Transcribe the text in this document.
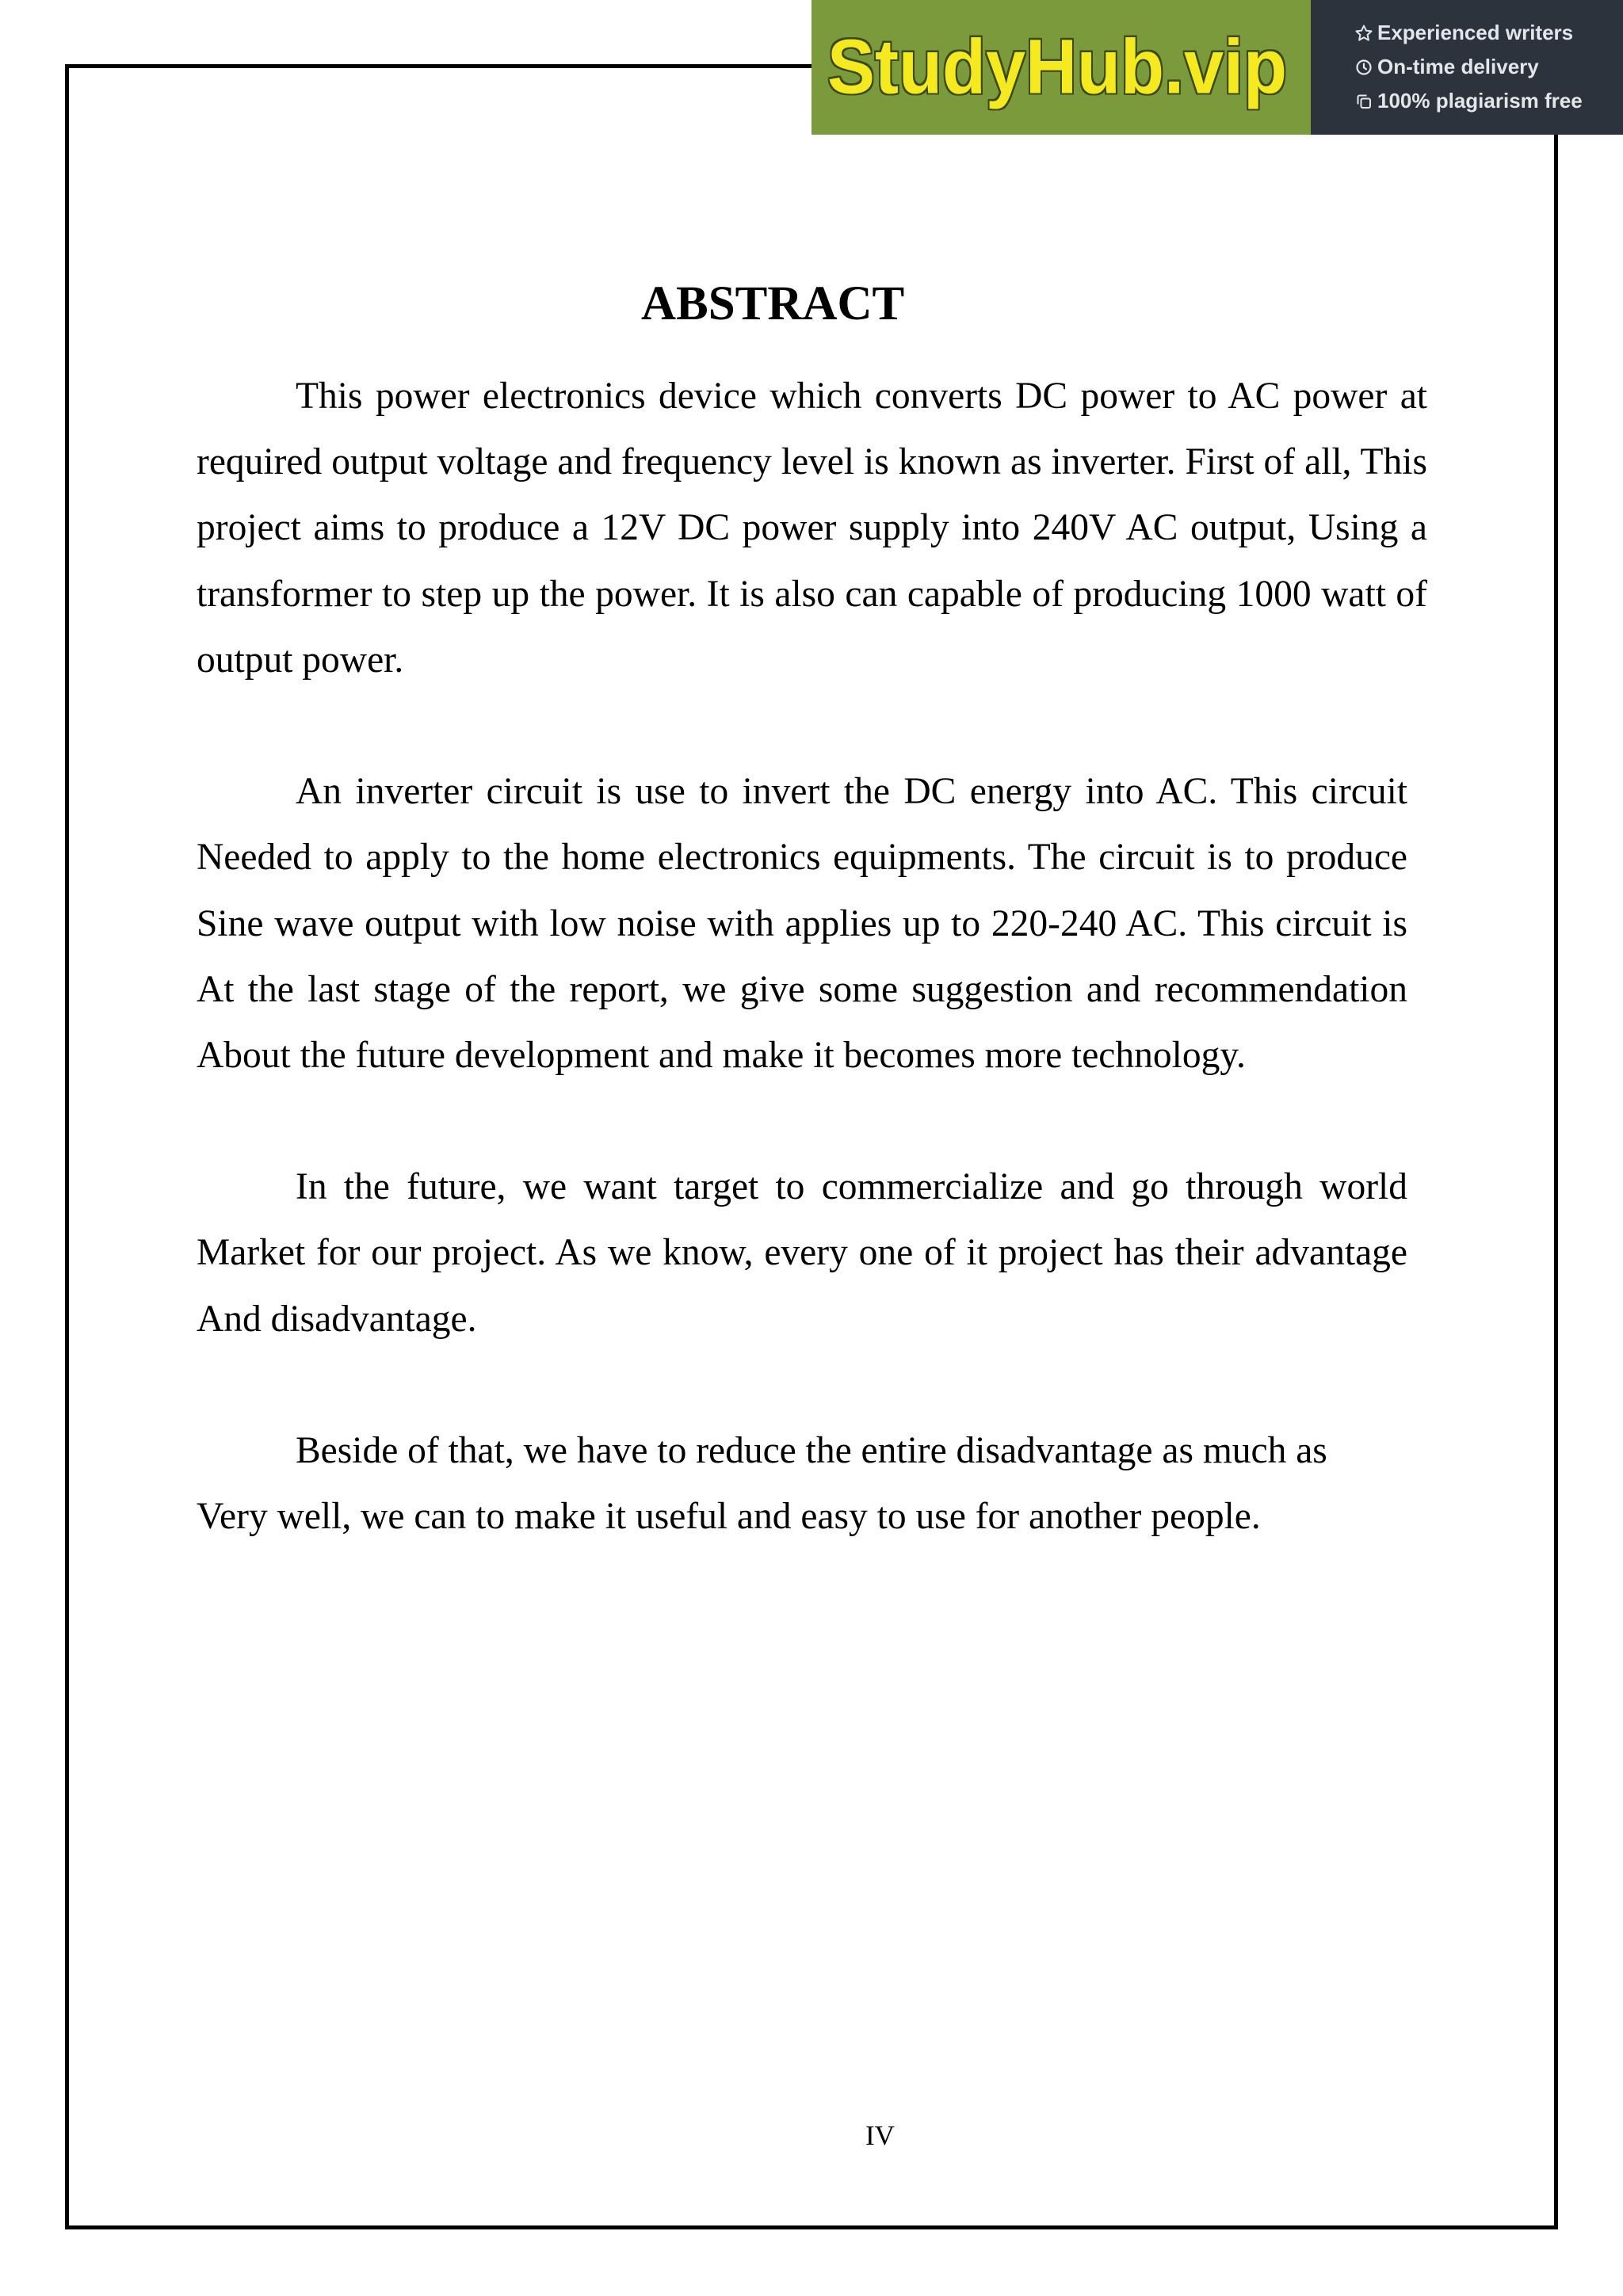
StudyHub.vip	Experienced writers
On-time delivery
100% plagiarism free
ABSTRACT
This power electronics device which converts DC power to AC power at
required output voltage and frequency level is known as inverter. First of all, This
project aims to produce a 12V DC power supply into 240V AC output, Using a
transformer to step up the power. It is also can capable of producing 1000 watt of
output power.
An inverter circuit is use to invert the DC energy into AC. This circuit
Needed to apply to the home electronics equipments. The circuit is to produce
Sine wave output with low noise with applies up to 220-240 AC. This circuit is
At the last stage of the report, we give some suggestion and recommendation
About the future development and make it becomes more technology.
In the future, we want target to commercialize and go through world
Market for our project. As we know, every one of it project has their advantage
And disadvantage.
Beside of that, we have to reduce the entire disadvantage as much as
Very well, we can to make it useful and easy to use for another people.
IV
